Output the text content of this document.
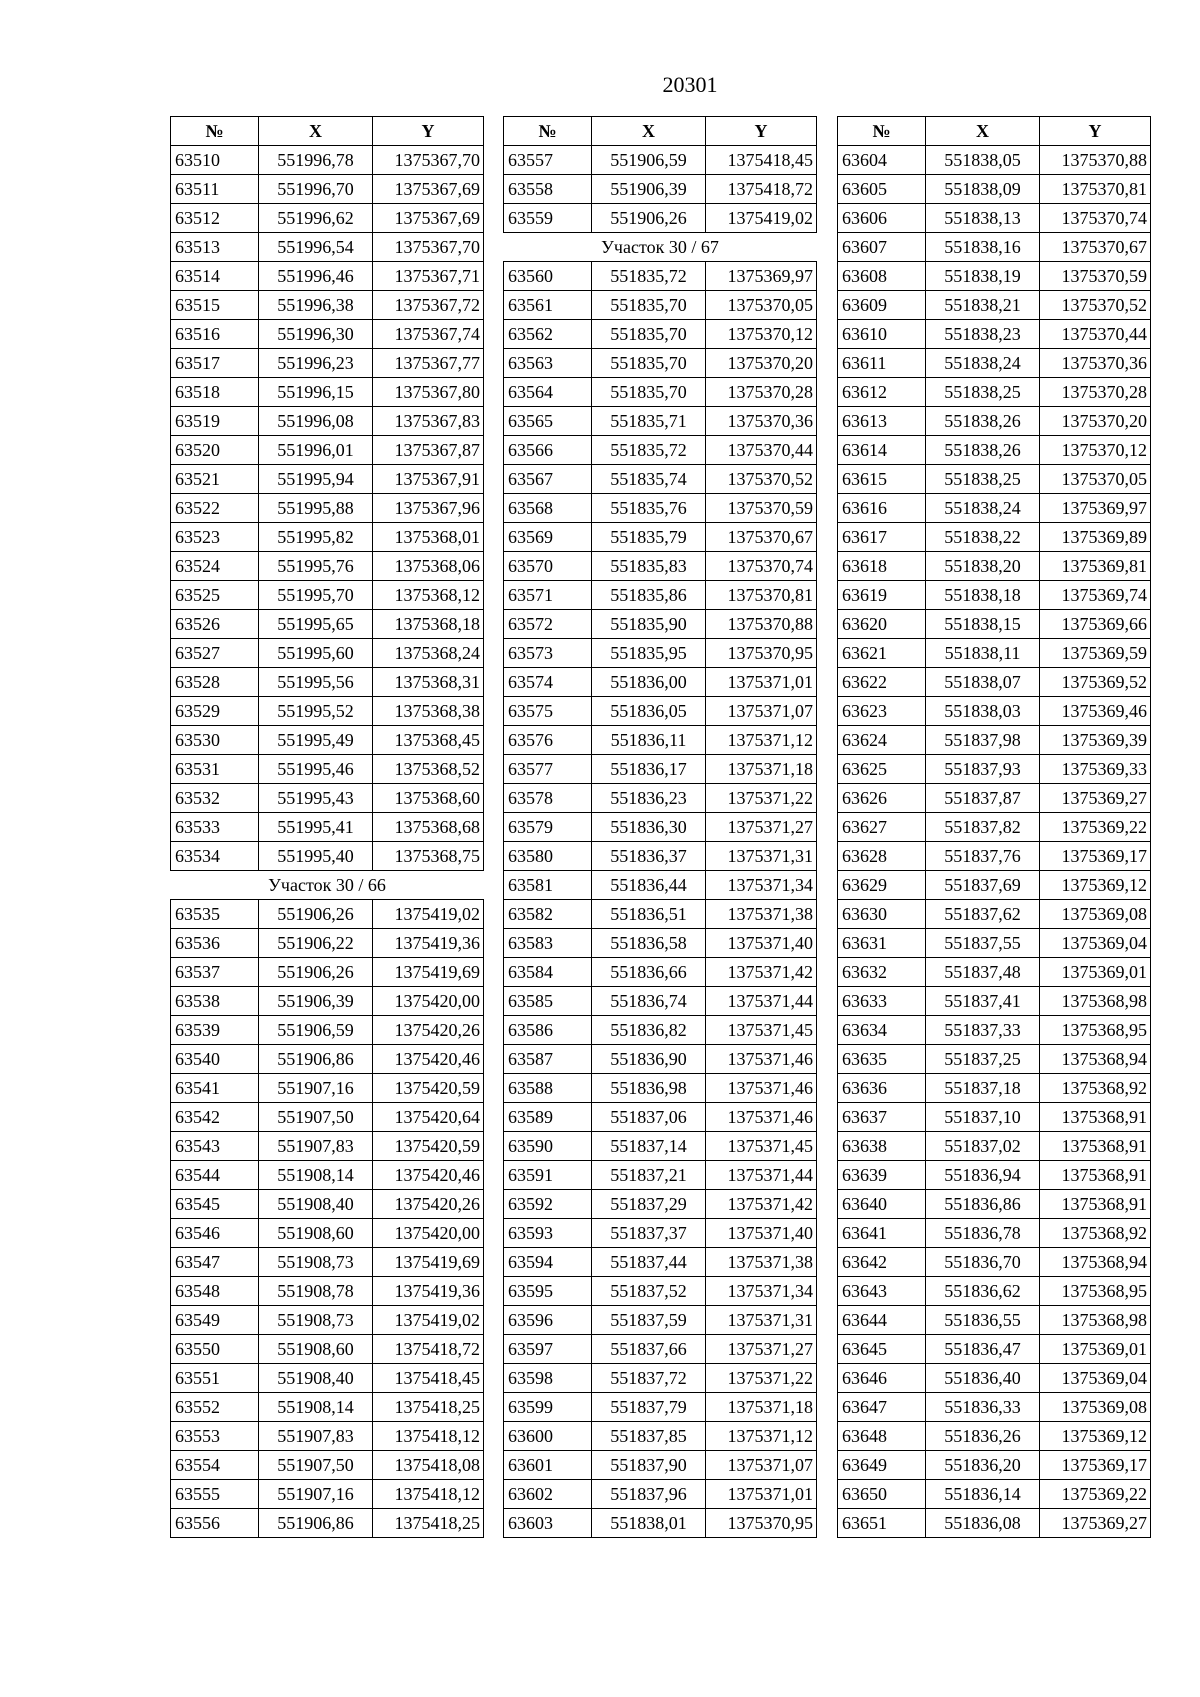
20301
№	X	Y
63510	551996,78	1375367,70
63511	551996,70	1375367,69
63512	551996,62	1375367,69
63513	551996,54	1375367,70
63514	551996,46	1375367,71
63515	551996,38	1375367,72
63516	551996,30	1375367,74
63517	551996,23	1375367,77
63518	551996,15	1375367,80
63519	551996,08	1375367,83
63520	551996,01	1375367,87
63521	551995,94	1375367,91
63522	551995,88	1375367,96
63523	551995,82	1375368,01
63524	551995,76	1375368,06
63525	551995,70	1375368,12
63526	551995,65	1375368,18
63527	551995,60	1375368,24
63528	551995,56	1375368,31
63529	551995,52	1375368,38
63530	551995,49	1375368,45
63531	551995,46	1375368,52
63532	551995,43	1375368,60
63533	551995,41	1375368,68
63534	551995,40	1375368,75
Участок 30 / 66		
63535	551906,26	1375419,02
63536	551906,22	1375419,36
63537	551906,26	1375419,69
63538	551906,39	1375420,00
63539	551906,59	1375420,26
63540	551906,86	1375420,46
63541	551907,16	1375420,59
63542	551907,50	1375420,64
63543	551907,83	1375420,59
63544	551908,14	1375420,46
63545	551908,40	1375420,26
63546	551908,60	1375420,00
63547	551908,73	1375419,69
63548	551908,78	1375419,36
63549	551908,73	1375419,02
63550	551908,60	1375418,72
63551	551908,40	1375418,45
63552	551908,14	1375418,25
63553	551907,83	1375418,12
63554	551907,50	1375418,08
63555	551907,16	1375418,12
63556	551906,86	1375418,25
№	X	Y
63557	551906,59	1375418,45
63558	551906,39	1375418,72
63559	551906,26	1375419,02
Участок 30 / 67		
63560	551835,72	1375369,97
63561	551835,70	1375370,05
63562	551835,70	1375370,12
63563	551835,70	1375370,20
63564	551835,70	1375370,28
63565	551835,71	1375370,36
63566	551835,72	1375370,44
63567	551835,74	1375370,52
63568	551835,76	1375370,59
63569	551835,79	1375370,67
63570	551835,83	1375370,74
63571	551835,86	1375370,81
63572	551835,90	1375370,88
63573	551835,95	1375370,95
63574	551836,00	1375371,01
63575	551836,05	1375371,07
63576	551836,11	1375371,12
63577	551836,17	1375371,18
63578	551836,23	1375371,22
63579	551836,30	1375371,27
63580	551836,37	1375371,31
63581	551836,44	1375371,34
63582	551836,51	1375371,38
63583	551836,58	1375371,40
63584	551836,66	1375371,42
63585	551836,74	1375371,44
63586	551836,82	1375371,45
63587	551836,90	1375371,46
63588	551836,98	1375371,46
63589	551837,06	1375371,46
63590	551837,14	1375371,45
63591	551837,21	1375371,44
63592	551837,29	1375371,42
63593	551837,37	1375371,40
63594	551837,44	1375371,38
63595	551837,52	1375371,34
63596	551837,59	1375371,31
63597	551837,66	1375371,27
63598	551837,72	1375371,22
63599	551837,79	1375371,18
63600	551837,85	1375371,12
63601	551837,90	1375371,07
63602	551837,96	1375371,01
63603	551838,01	1375370,95
№	X	Y
63604	551838,05	1375370,88
63605	551838,09	1375370,81
63606	551838,13	1375370,74
63607	551838,16	1375370,67
63608	551838,19	1375370,59
63609	551838,21	1375370,52
63610	551838,23	1375370,44
63611	551838,24	1375370,36
63612	551838,25	1375370,28
63613	551838,26	1375370,20
63614	551838,26	1375370,12
63615	551838,25	1375370,05
63616	551838,24	1375369,97
63617	551838,22	1375369,89
63618	551838,20	1375369,81
63619	551838,18	1375369,74
63620	551838,15	1375369,66
63621	551838,11	1375369,59
63622	551838,07	1375369,52
63623	551838,03	1375369,46
63624	551837,98	1375369,39
63625	551837,93	1375369,33
63626	551837,87	1375369,27
63627	551837,82	1375369,22
63628	551837,76	1375369,17
63629	551837,69	1375369,12
63630	551837,62	1375369,08
63631	551837,55	1375369,04
63632	551837,48	1375369,01
63633	551837,41	1375368,98
63634	551837,33	1375368,95
63635	551837,25	1375368,94
63636	551837,18	1375368,92
63637	551837,10	1375368,91
63638	551837,02	1375368,91
63639	551836,94	1375368,91
63640	551836,86	1375368,91
63641	551836,78	1375368,92
63642	551836,70	1375368,94
63643	551836,62	1375368,95
63644	551836,55	1375368,98
63645	551836,47	1375369,01
63646	551836,40	1375369,04
63647	551836,33	1375369,08
63648	551836,26	1375369,12
63649	551836,20	1375369,17
63650	551836,14	1375369,22
63651	551836,08	1375369,27
